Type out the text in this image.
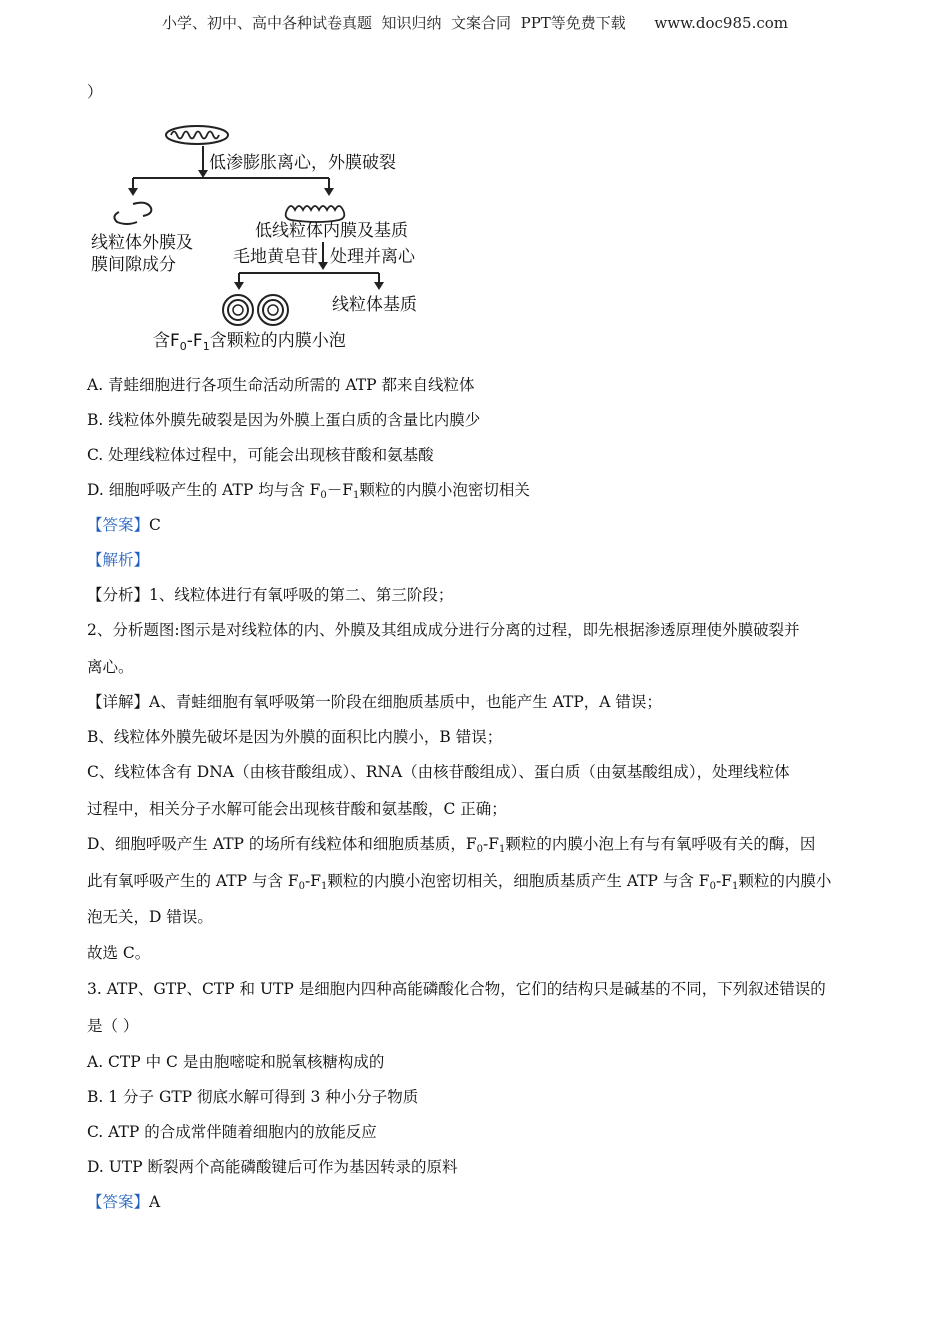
小学、初中、高中各种试卷真题  知识归纳  文案合同  PPT等免费下载      www.doc985.com
）
低渗膨胀离心，外膜破裂
线粒体外膜及
膜间隙成分
低线粒体内膜及基质
毛地黄皂苷 处理并离心
线粒体基质
含$F_0-F_1$含颗粒的内膜小泡
A. 青蛙细胞进行各项生命活动所需的 ATP 都来自线粒体
B. 线粒体外膜先破裂是因为外膜上蛋白质的含量比内膜少
C. 处理线粒体过程中，可能会出现核苷酸和氨基酸
D. 细胞呼吸产生的 ATP 均与含 $F_0-F_1$颗粒的内膜小泡密切相关
【答案】C
【解析】
【分析】1、线粒体进行有氧呼吸的第二、第三阶段；
2、分析题图:图示是对线粒体的内、外膜及其组成成分进行分离的过程，即先根据渗透原理使外膜破裂并
离心。
【详解】A、青蛙细胞有氧呼吸第一阶段在细胞质基质中，也能产生 ATP，A 错误；
B、线粒体外膜先破坏是因为外膜的面积比内膜小，B 错误；
C、线粒体含有 DNA（由核苷酸组成）、RNA（由核苷酸组成）、蛋白质（由氨基酸组成），处理线粒体
过程中，相关分子水解可能会出现核苷酸和氨基酸，C 正确；
D、细胞呼吸产生 ATP 的场所有线粒体和细胞质基质，$F_0-F_1$颗粒的内膜小泡上有与有氧呼吸有关的酶，因
此有氧呼吸产生的 ATP 与含 $F_0-F_1$颗粒的内膜小泡密切相关，细胞质基质产生 ATP 与含 $F_0-F_1$颗粒的内膜小
泡无关，D 错误。
故选 C。
3. ATP、GTP、CTP 和 UTP 是细胞内四种高能磷酸化合物，它们的结构只是碱基的不同，下列叙述错误的
是（ ）
A. CTP 中 C 是由胞嘧啶和脱氧核糖构成的
B. 1 分子 GTP 彻底水解可得到 3 种小分子物质
C. ATP 的合成常伴随着细胞内的放能反应
D. UTP 断裂两个高能磷酸键后可作为基因转录的原料
【答案】A
